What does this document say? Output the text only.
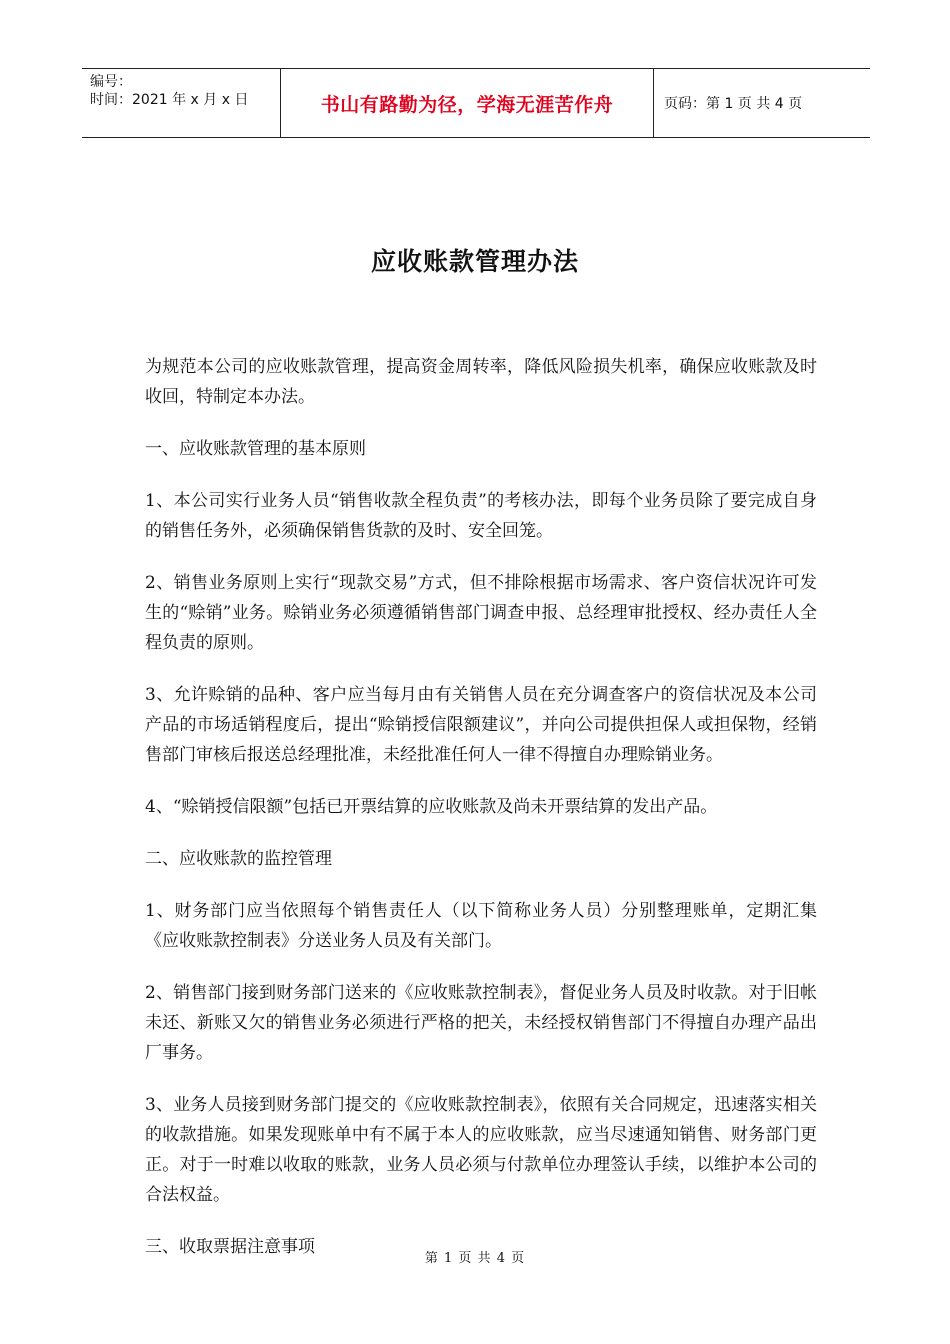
编号：
时间：2021 年 x 月 x 日	书山有路勤为径，学海无涯苦作舟	页码：第 1 页 共 4 页
应收账款管理办法

为规范本公司的应收账款管理，提高资金周转率，降低风险损失机率，确保应收账款及时收回，特制定本办法。

一、应收账款管理的基本原则

1、本公司实行业务人员“销售收款全程负责”的考核办法，即每个业务员除了要完成自身的销售任务外，必须确保销售货款的及时、安全回笼。

2、销售业务原则上实行“现款交易”方式，但不排除根据市场需求、客户资信状况许可发生的“赊销”业务。赊销业务必须遵循销售部门调查申报、总经理审批授权、经办责任人全程负责的原则。

3、允许赊销的品种、客户应当每月由有关销售人员在充分调查客户的资信状况及本公司产品的市场适销程度后，提出“赊销授信限额建议”，并向公司提供担保人或担保物，经销售部门审核后报送总经理批准，未经批准任何人一律不得擅自办理赊销业务。

4、“赊销授信限额”包括已开票结算的应收账款及尚未开票结算的发出产品。

二、应收账款的监控管理

1、财务部门应当依照每个销售责任人（以下简称业务人员）分别整理账单，定期汇集《应收账款控制表》分送业务人员及有关部门。

2、销售部门接到财务部门送来的《应收账款控制表》，督促业务人员及时收款。对于旧帐未还、新账又欠的销售业务必须进行严格的把关，未经授权销售部门不得擅自办理产品出厂事务。

3、业务人员接到财务部门提交的《应收账款控制表》，依照有关合同规定，迅速落实相关的收款措施。如果发现账单中有不属于本人的应收账款，应当尽速通知销售、财务部门更正。对于一时难以收取的账款，业务人员必须与付款单位办理签认手续，以维护本公司的合法权益。

三、收取票据注意事项

第 1 页 共 4 页
